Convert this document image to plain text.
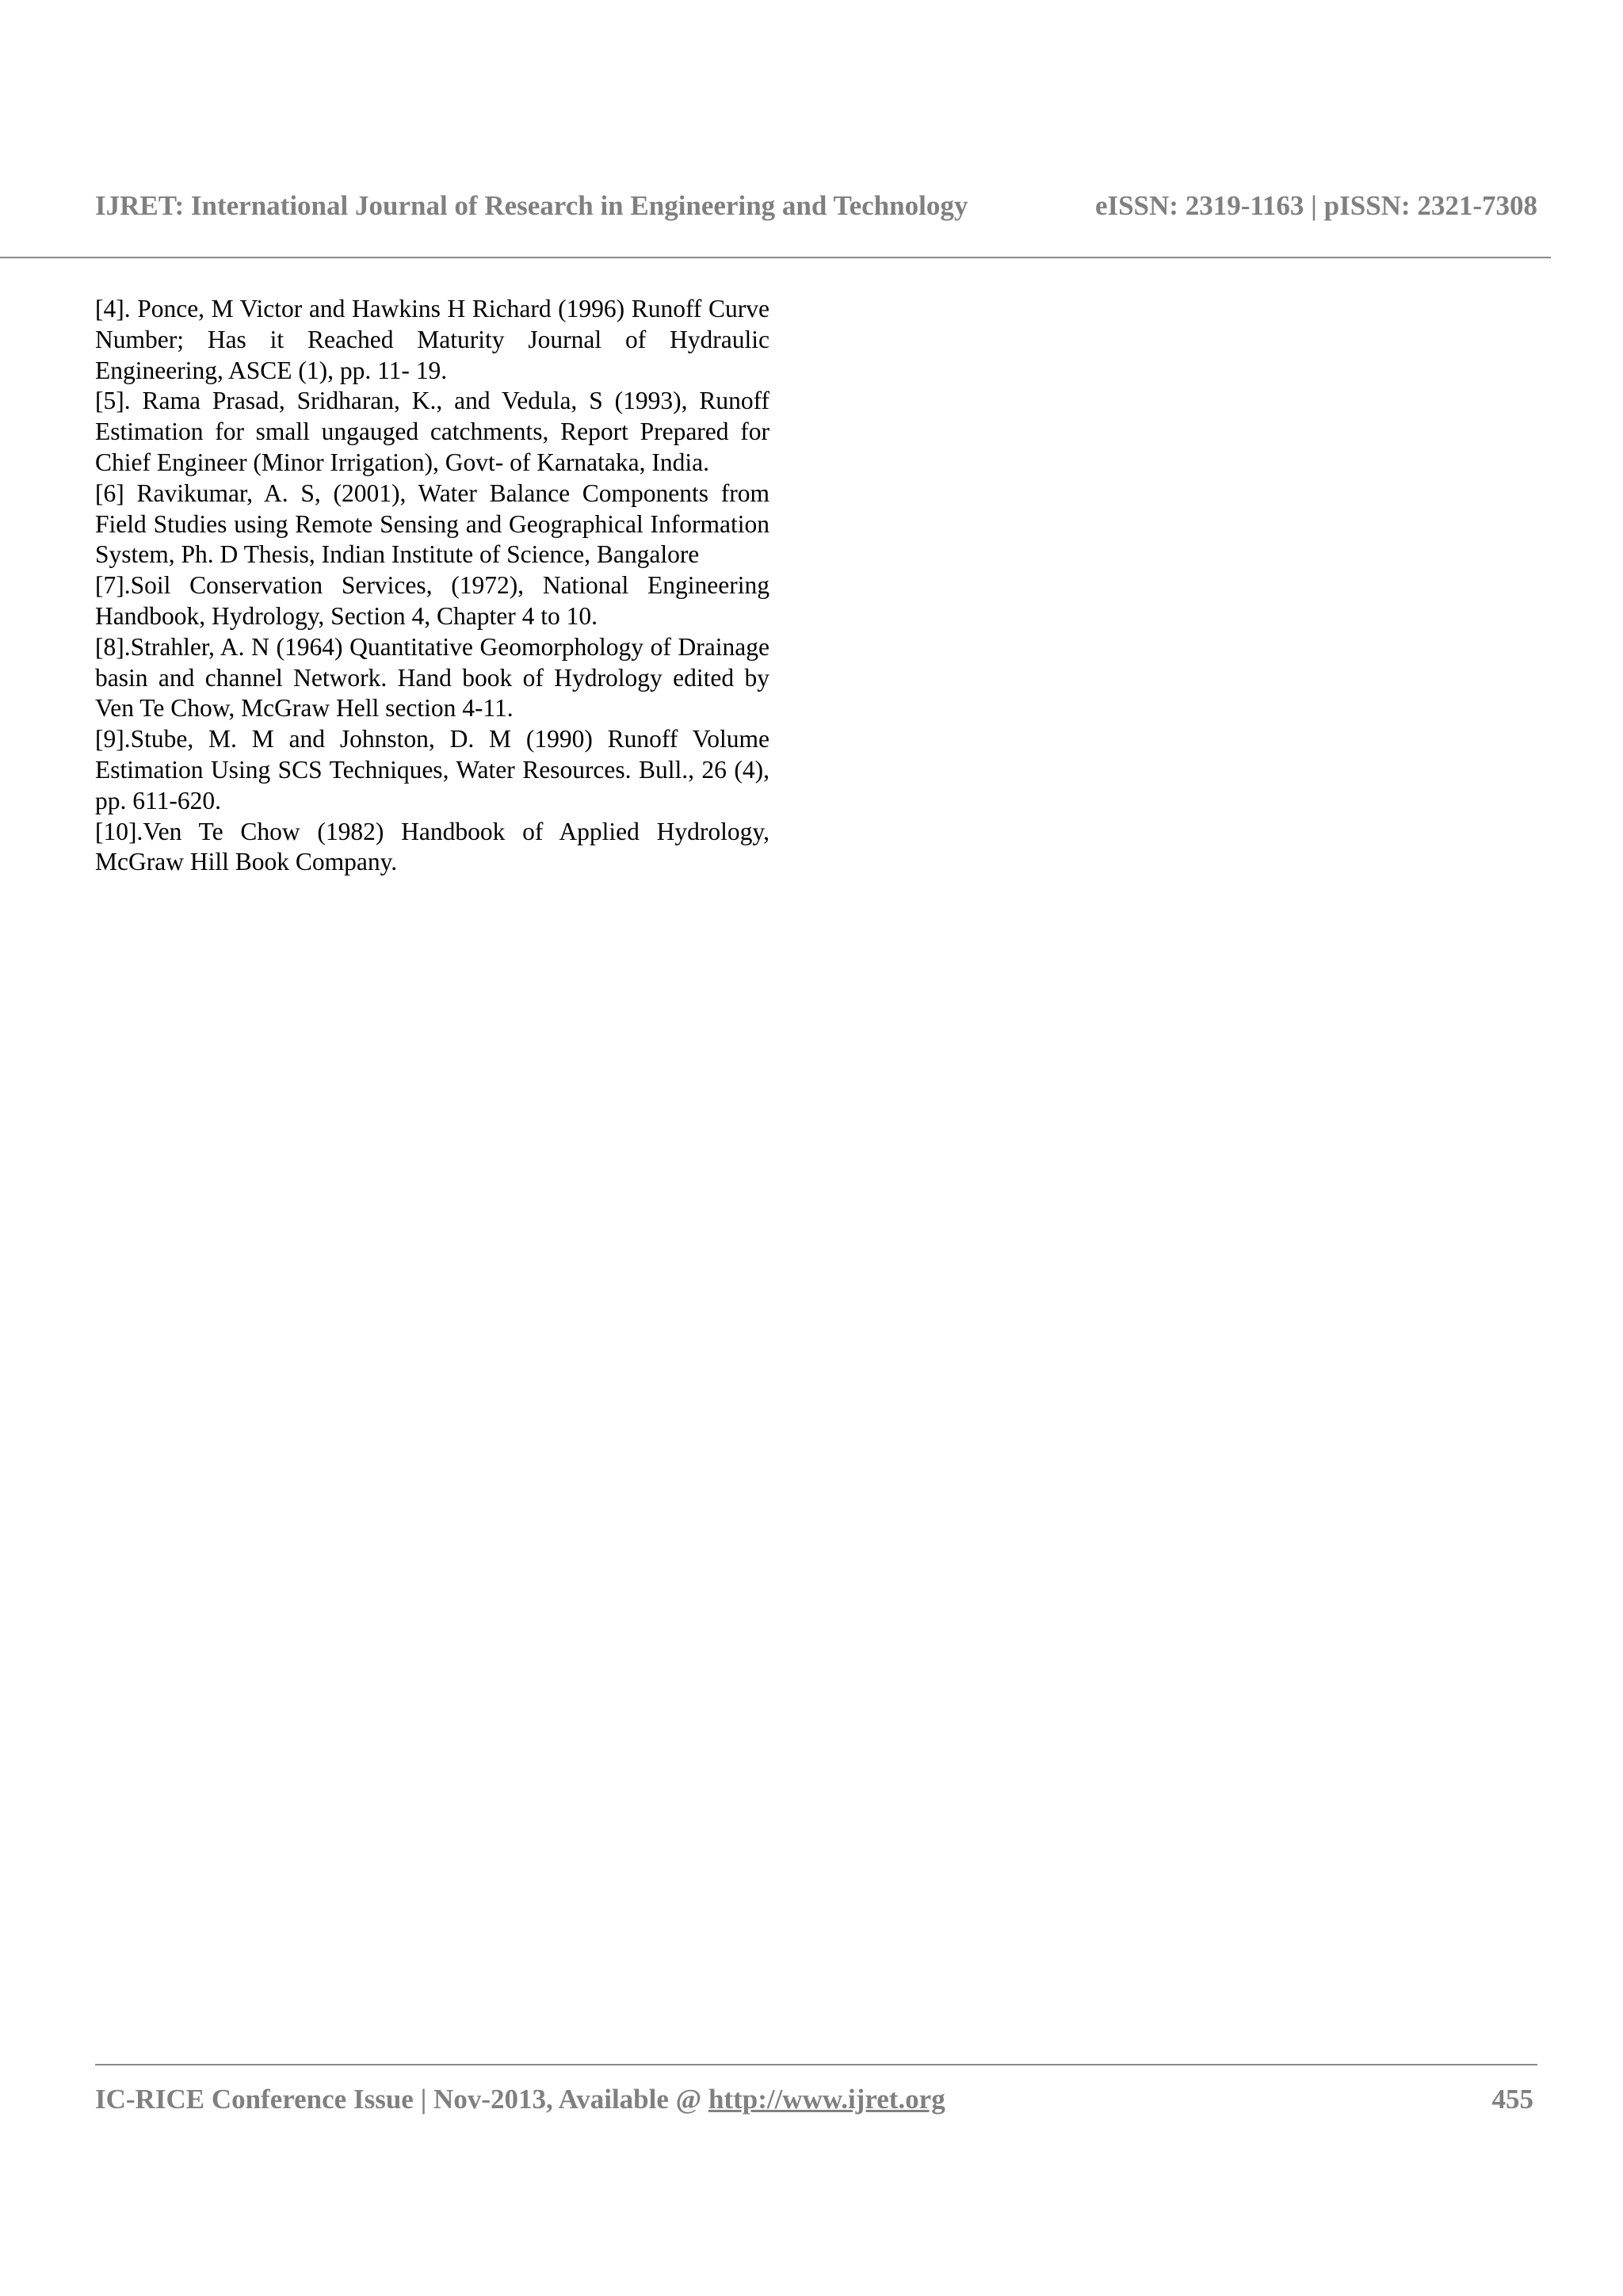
IJRET: International Journal of Research in Engineering and Technology	eISSN: 2319-1163 | pISSN: 2321-7308
[4]. Ponce, M Victor and Hawkins H Richard (1996) Runoff Curve Number; Has it Reached Maturity Journal of Hydraulic Engineering, ASCE (1), pp. 11- 19.
[5]. Rama Prasad, Sridharan, K., and Vedula, S (1993), Runoff Estimation for small ungauged catchments, Report Prepared for Chief Engineer (Minor Irrigation), Govt- of Karnataka, India.
[6] Ravikumar, A. S, (2001), Water Balance Components from Field Studies using Remote Sensing and Geographical Information System, Ph. D Thesis, Indian Institute of Science, Bangalore
[7].Soil Conservation Services, (1972), National Engineering Handbook, Hydrology, Section 4, Chapter 4 to 10.
[8].Strahler, A. N (1964) Quantitative Geomorphology of Drainage basin and channel Network. Hand book of Hydrology edited by Ven Te Chow, McGraw Hell section 4-11.
[9].Stube, M. M and Johnston, D. M (1990) Runoff Volume Estimation Using SCS Techniques, Water Resources. Bull., 26 (4), pp. 611-620.
[10].Ven Te Chow (1982) Handbook of Applied Hydrology, McGraw Hill Book Company.
IC-RICE Conference Issue | Nov-2013, Available @ http://www.ijret.org	455
